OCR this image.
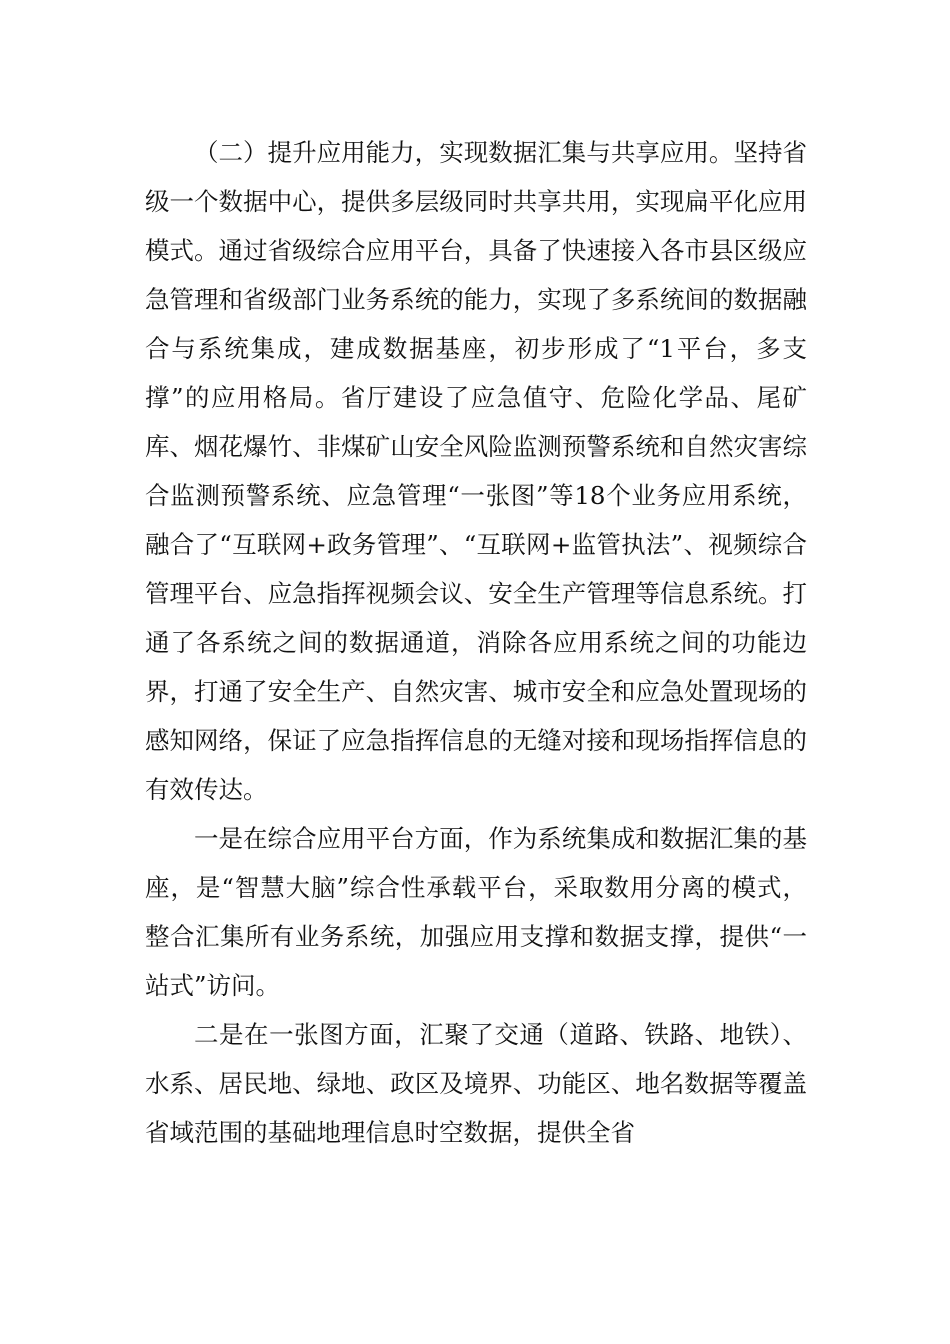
（二）提升应用能力，实现数据汇集与共享应用。坚持省级一个数据中心，提供多层级同时共享共用，实现扁平化应用模式。通过省级综合应用平台，具备了快速接入各市县区级应急管理和省级部门业务系统的能力，实现了多系统间的数据融合与系统集成，建成数据基座，初步形成了“1平台，多支撑”的应用格局。省厅建设了应急值守、危险化学品、尾矿库、烟花爆竹、非煤矿山安全风险监测预警系统和自然灾害综合监测预警系统、应急管理“一张图”等18个业务应用系统，融合了“互联网+政务管理”、“互联网+监管执法”、视频综合管理平台、应急指挥视频会议、安全生产管理等信息系统。打通了各系统之间的数据通道，消除各应用系统之间的功能边界，打通了安全生产、自然灾害、城市安全和应急处置现场的感知网络，保证了应急指挥信息的无缝对接和现场指挥信息的有效传达。

一是在综合应用平台方面，作为系统集成和数据汇集的基座，是“智慧大脑”综合性承载平台，采取数用分离的模式，整合汇集所有业务系统，加强应用支撑和数据支撑，提供“一站式”访问。

二是在一张图方面，汇聚了交通（道路、铁路、地铁）、水系、居民地、绿地、政区及境界、功能区、地名数据等覆盖省域范围的基础地理信息时空数据，提供全省
